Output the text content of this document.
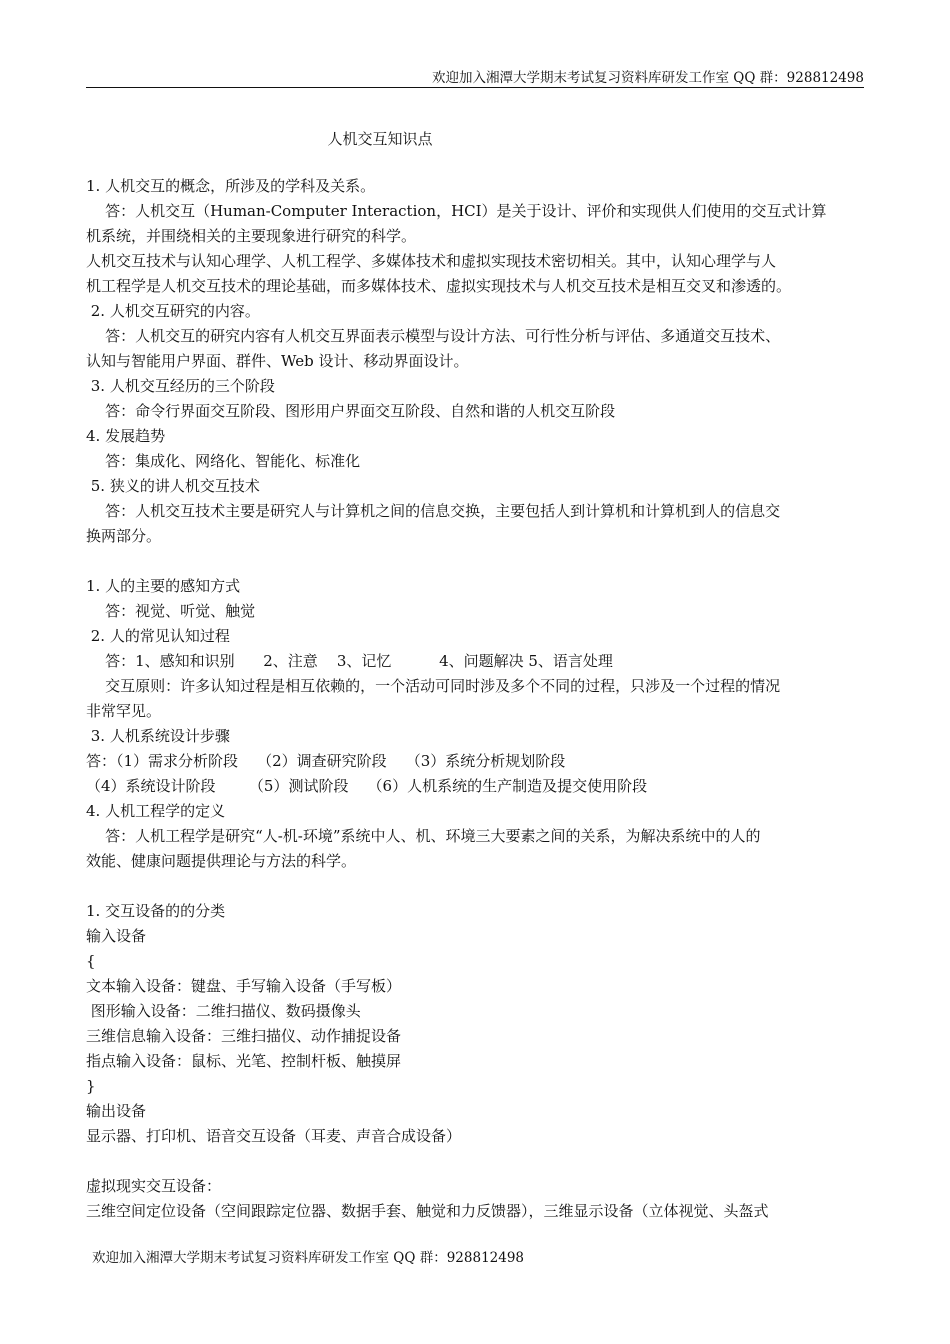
欢迎加入湘潭大学期末考试复习资料库研发工作室 QQ 群：928812498
人机交互知识点
1. 人机交互的概念，所涉及的学科及关系。
答：人机交互（Human-Computer Interaction，HCI）是关于设计、评价和实现供人们使用的交互式计算
机系统，并围绕相关的主要现象进行研究的科学。
人机交互技术与认知心理学、人机工程学、多媒体技术和虚拟实现技术密切相关。其中，认知心理学与人
机工程学是人机交互技术的理论基础，而多媒体技术、虚拟实现技术与人机交互技术是相互交叉和渗透的。
2. 人机交互研究的内容。
答：人机交互的研究内容有人机交互界面表示模型与设计方法、可行性分析与评估、多通道交互技术、
认知与智能用户界面、群件、Web 设计、移动界面设计。
3. 人机交互经历的三个阶段
答：命令行界面交互阶段、图形用户界面交互阶段、自然和谐的人机交互阶段
4. 发展趋势
答：集成化、网络化、智能化、标准化
5. 狭义的讲人机交互技术
答：人机交互技术主要是研究人与计算机之间的信息交换，主要包括人到计算机和计算机到人的信息交
换两部分。
1. 人的主要的感知方式
答：视觉、听觉、触觉
2. 人的常见认知过程
答：1、感知和识别      2、注意    3、记忆          4、问题解决 5、语言处理
交互原则：许多认知过程是相互依赖的，一个活动可同时涉及多个不同的过程，只涉及一个过程的情况
非常罕见。
3. 人机系统设计步骤
答：（1）需求分析阶段    （2）调查研究阶段    （3）系统分析规划阶段
（4）系统设计阶段       （5）测试阶段    （6）人机系统的生产制造及提交使用阶段
4. 人机工程学的定义
答：人机工程学是研究“人-机-环境”系统中人、机、环境三大要素之间的关系，为解决系统中的人的
效能、健康问题提供理论与方法的科学。
1. 交互设备的的分类
输入设备
{
文本输入设备：键盘、手写输入设备（手写板）
图形输入设备：二维扫描仪、数码摄像头
三维信息输入设备：三维扫描仪、动作捕捉设备
指点输入设备：鼠标、光笔、控制杆板、触摸屏
}
输出设备
显示器、打印机、语音交互设备（耳麦、声音合成设备）
虚拟现实交互设备：
三维空间定位设备（空间跟踪定位器、数据手套、触觉和力反馈器），三维显示设备（立体视觉、头盔式
欢迎加入湘潭大学期末考试复习资料库研发工作室 QQ 群：928812498
